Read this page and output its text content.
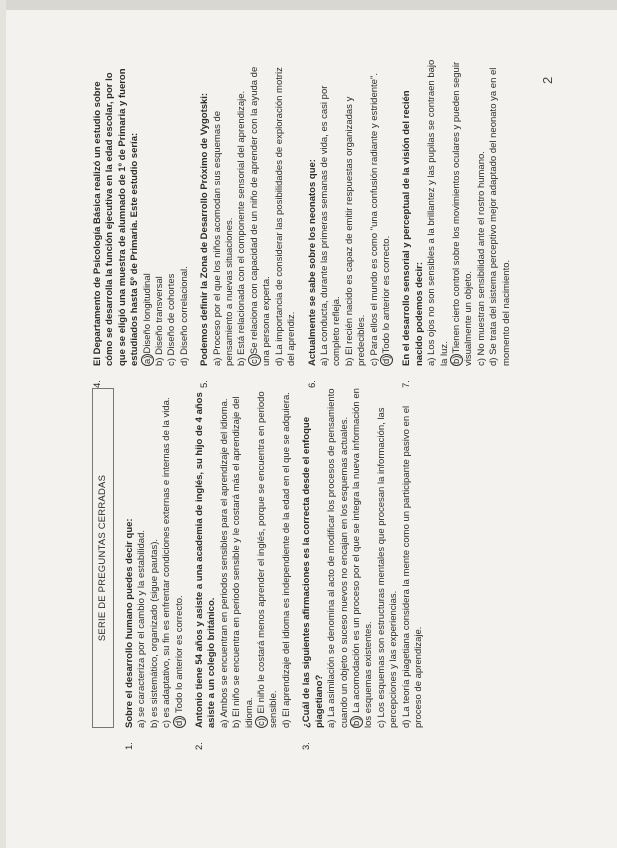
2
SERIE DE PREGUNTAS CERRADAS
1.
Sobre el desarrollo humano puedes decir que: a) se caracteriza por el cambio y la estabilidad.

b) es sistemático, organizado (sigue pautas).

c) es adaptativo, su fin es enfrentar condiciones externas e internas de la vida.

d) Todo lo anterior es correcto.

2.
Antonio tiene 54 años y asiste a una academia de inglés, su hijo de 4 años asiste a un colegio británico. a) Ambos se encuentran en periodos sensibles para el aprendizaje del idioma.

b) El niño se encuentra en periodo sensible y le costará más el aprendizaje del idioma. c) El niño le costará menos aprender el inglés, porque se encuentra en periodo sensible. d) El aprendizaje del idioma es independiente de la edad en el que se adquiera.

3.
¿Cuál de las siguientes afirmaciones es la correcta desde el enfoque piagetiano? a) La asimilación se denomina al acto de modificar los procesos de pensamiento cuando un objeto o suceso nuevos no encajan en los esquemas actuales. b) La acomodación es un proceso por el que se integra la nueva información en los esquemas existentes. c) Los esquemas son estructuras mentales que procesan la información, las percepciones y las experiencias. d) La teoría piagetiana considera la mente como un participante pasivo en el proceso de aprendizaje.

4.
El Departamento de Psicología Básica realizó un estudio sobre cómo se desarrolla la función ejecutiva en la edad escolar, por lo que se eligió una muestra de alumnado de 1º de Primaria y fueron estudiados hasta 5º de Primaria. Este estudio sería: a)Diseño longitudinal

b) Diseño transversal

c) Diseño de cohortes

d) Diseño correlacional.

5.
Podemos definir la Zona de Desarrollo Próximo de Vygotski: a) Proceso por el que los niños acomodan sus esquemas de pensamiento a nuevas situaciones. b) Está relacionada con el componente sensorial del aprendizaje.

c)Se relaciona con capacidad de un niño de aprender con la ayuda de una persona experta. d) La importancia de considerar las posibilidades de exploración motriz del aprendiz.

6.
Actualmente se sabe sobre los neonatos que: a) La conducta, durante las primeras semanas de vida, es casi por completo refleja. b) El recién nacido es capaz de emitir respuestas organizadas y predecibles. c) Para ellos el mundo es como "una confusión radiante y estridente".

d)Todo lo anterior es correcto.

7.
En el desarrollo sensorial y perceptual de la visión del recién nacido podemos decir: a) Los ojos no son sensibles a la brillantez y las pupilas se contraen bajo la luz. b)Tienen cierto control sobre los movimientos oculares y pueden seguir visualmente un objeto. c) No muestran sensibilidad ante el rostro humano.

d) Se trata del sistema perceptivo mejor adaptado del neonato ya en el momento del nacimiento.
